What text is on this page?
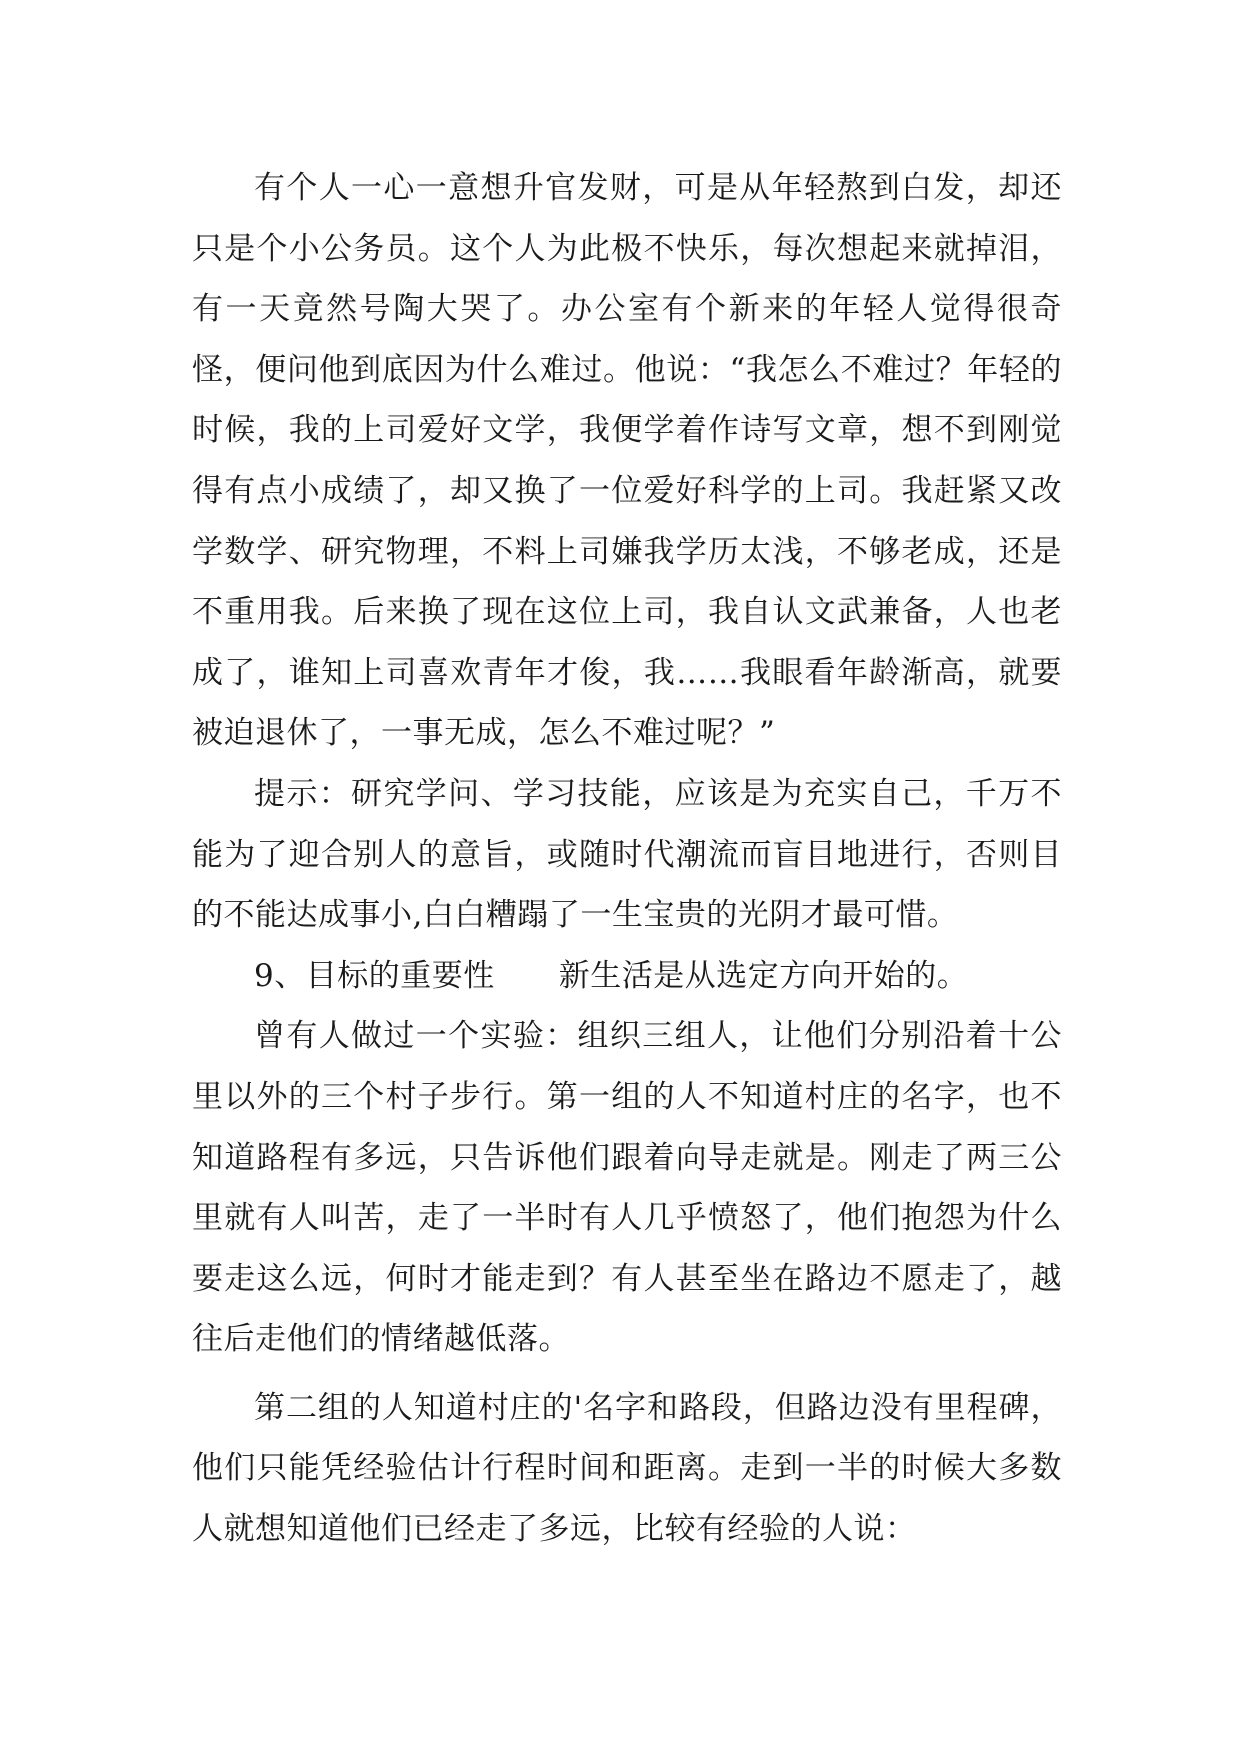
有个人一心一意想升官发财，可是从年轻熬到白发，却还只是个小公务员。这个人为此极不快乐，每次想起来就掉泪，有一天竟然号陶大哭了。办公室有个新来的年轻人觉得很奇怪，便问他到底因为什么难过。他说：“我怎么不难过？年轻的时候，我的上司爱好文学，我便学着作诗写文章，想不到刚觉得有点小成绩了，却又换了一位爱好科学的上司。我赶紧又改学数学、研究物理，不料上司嫌我学历太浅，不够老成，还是不重用我。后来换了现在这位上司，我自认文武兼备，人也老成了，谁知上司喜欢青年才俊，我……我眼看年龄渐高，就要被迫退休了，一事无成，怎么不难过呢？”

提示：研究学问、学习技能，应该是为充实自己，千万不能为了迎合别人的意旨，或随时代潮流而盲目地进行，否则目的不能达成事小,白白糟蹋了一生宝贵的光阴才最可惜。

9、目标的重要性 新生活是从选定方向开始的。

曾有人做过一个实验：组织三组人，让他们分别沿着十公里以外的三个村子步行。第一组的人不知道村庄的名字，也不知道路程有多远，只告诉他们跟着向导走就是。刚走了两三公里就有人叫苦，走了一半时有人几乎愤怒了，他们抱怨为什么要走这么远，何时才能走到？有人甚至坐在路边不愿走了，越往后走他们的情绪越低落。

第二组的人知道村庄的'名字和路段，但路边没有里程碑，他们只能凭经验估计行程时间和距离。走到一半的时候大多数人就想知道他们已经走了多远，比较有经验的人说：
